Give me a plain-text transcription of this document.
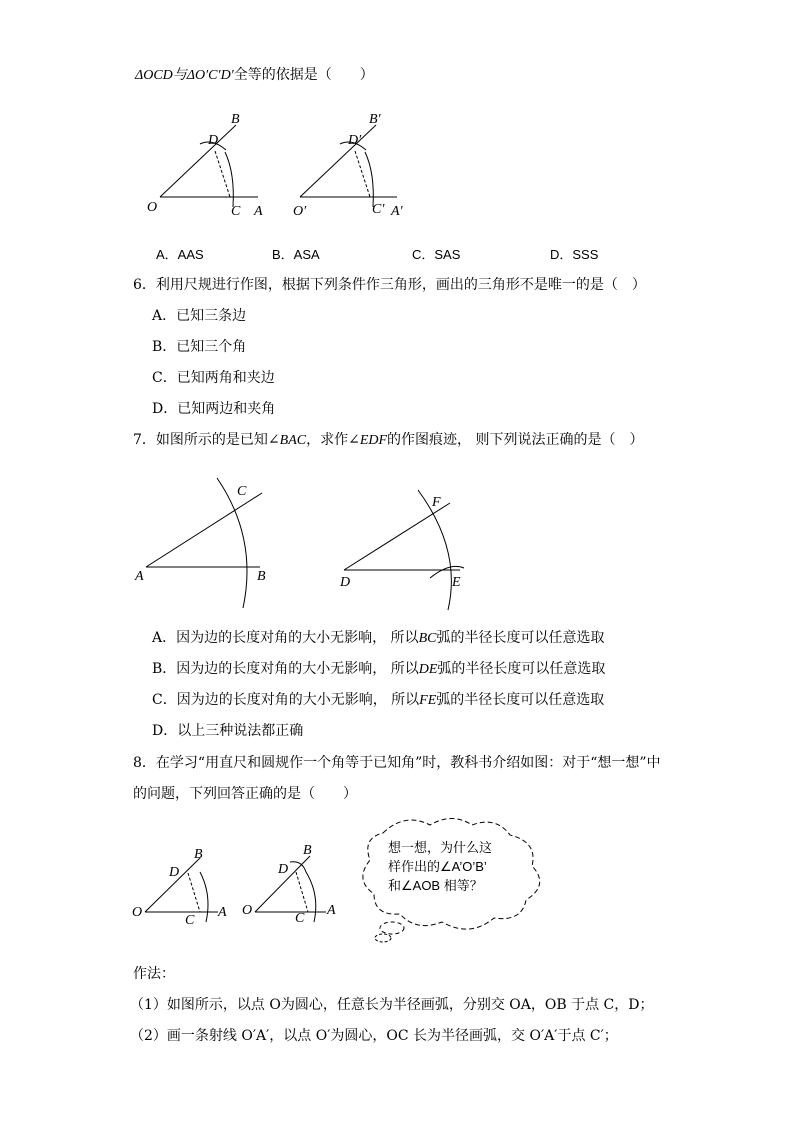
ΔOCD与ΔO′C′D′全等的依据是（　　）
O	C A
B
D
O′	C′ A′
B′
D′
A．AAS	B．ASA	C．SAS	D．SSS
6．利用尺规进行作图，根据下列条件作三角形，画出的三角形不是唯一的是（　）
A．已知三条边
B．已知三个角
C．已知两角和夹边
D．已知两边和夹角
7．如图所示的是已知∠BAC，求作∠EDF的作图痕迹， 则下列说法正确的是（　）
A	B
C
D	E
F
A．因为边的长度对角的大小无影响， 所以BC弧的半径长度可以任意选取
B．因为边的长度对角的大小无影响， 所以DE弧的半径长度可以任意选取
C．因为边的长度对角的大小无影响， 所以FE弧的半径长度可以任意选取
D．以上三种说法都正确
8．在学习“用直尺和圆规作一个角等于已知角”时，教科书介绍如图：对于“想一想”中
的问题，下列回答正确的是（　　）
O
C
A
B
D
O
C
A
B
D
想一想，为什么这
样作出的∠A’O’B’
和∠AOB 相等？
作法：
（1）如图所示，以点 O为圆心，任意长为半径画弧，分别交 OA，OB 于点 C，D；
（2）画一条射线 O′A′，以点 O′为圆心，OC 长为半径画弧，交 O′A′于点 C′；
